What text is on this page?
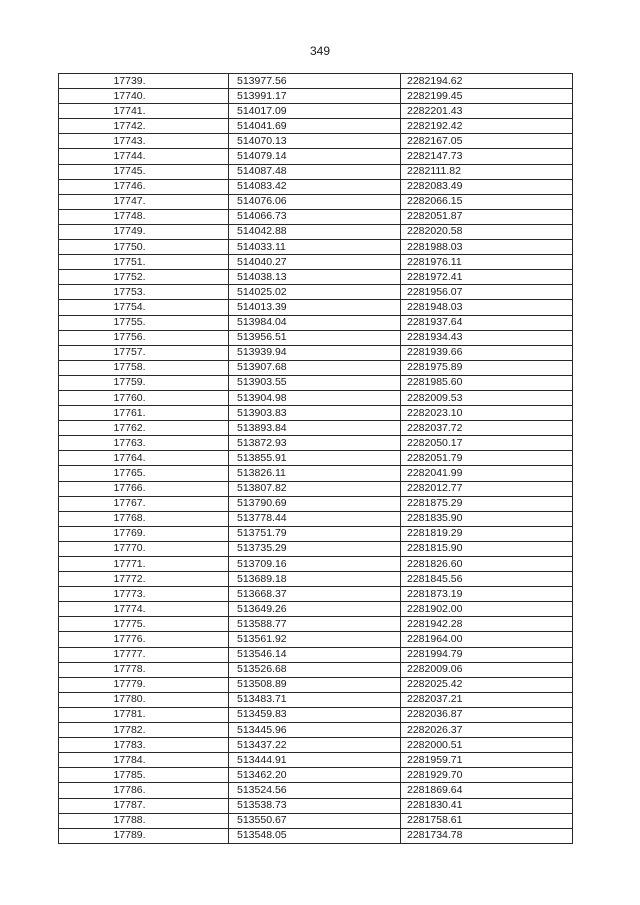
349
17739.	513977.56	2282194.62
17740.	513991.17	2282199.45
17741.	514017.09	2282201.43
17742.	514041.69	2282192.42
17743.	514070.13	2282167.05
17744.	514079.14	2282147.73
17745.	514087.48	2282111.82
17746.	514083.42	2282083.49
17747.	514076.06	2282066.15
17748.	514066.73	2282051.87
17749.	514042.88	2282020.58
17750.	514033.11	2281988.03
17751.	514040.27	2281976.11
17752.	514038.13	2281972.41
17753.	514025.02	2281956.07
17754.	514013.39	2281948.03
17755.	513984.04	2281937.64
17756.	513956.51	2281934.43
17757.	513939.94	2281939.66
17758.	513907.68	2281975.89
17759.	513903.55	2281985.60
17760.	513904.98	2282009.53
17761.	513903.83	2282023.10
17762.	513893.84	2282037.72
17763.	513872.93	2282050.17
17764.	513855.91	2282051.79
17765.	513826.11	2282041.99
17766.	513807.82	2282012.77
17767.	513790.69	2281875.29
17768.	513778.44	2281835.90
17769.	513751.79	2281819.29
17770.	513735.29	2281815.90
17771.	513709.16	2281826.60
17772.	513689.18	2281845.56
17773.	513668.37	2281873.19
17774.	513649.26	2281902.00
17775.	513588.77	2281942.28
17776.	513561.92	2281964.00
17777.	513546.14	2281994.79
17778.	513526.68	2282009.06
17779.	513508.89	2282025.42
17780.	513483.71	2282037.21
17781.	513459.83	2282036.87
17782.	513445.96	2282026.37
17783.	513437.22	2282000.51
17784.	513444.91	2281959.71
17785.	513462.20	2281929.70
17786.	513524.56	2281869.64
17787.	513538.73	2281830.41
17788.	513550.67	2281758.61
17789.	513548.05	2281734.78
